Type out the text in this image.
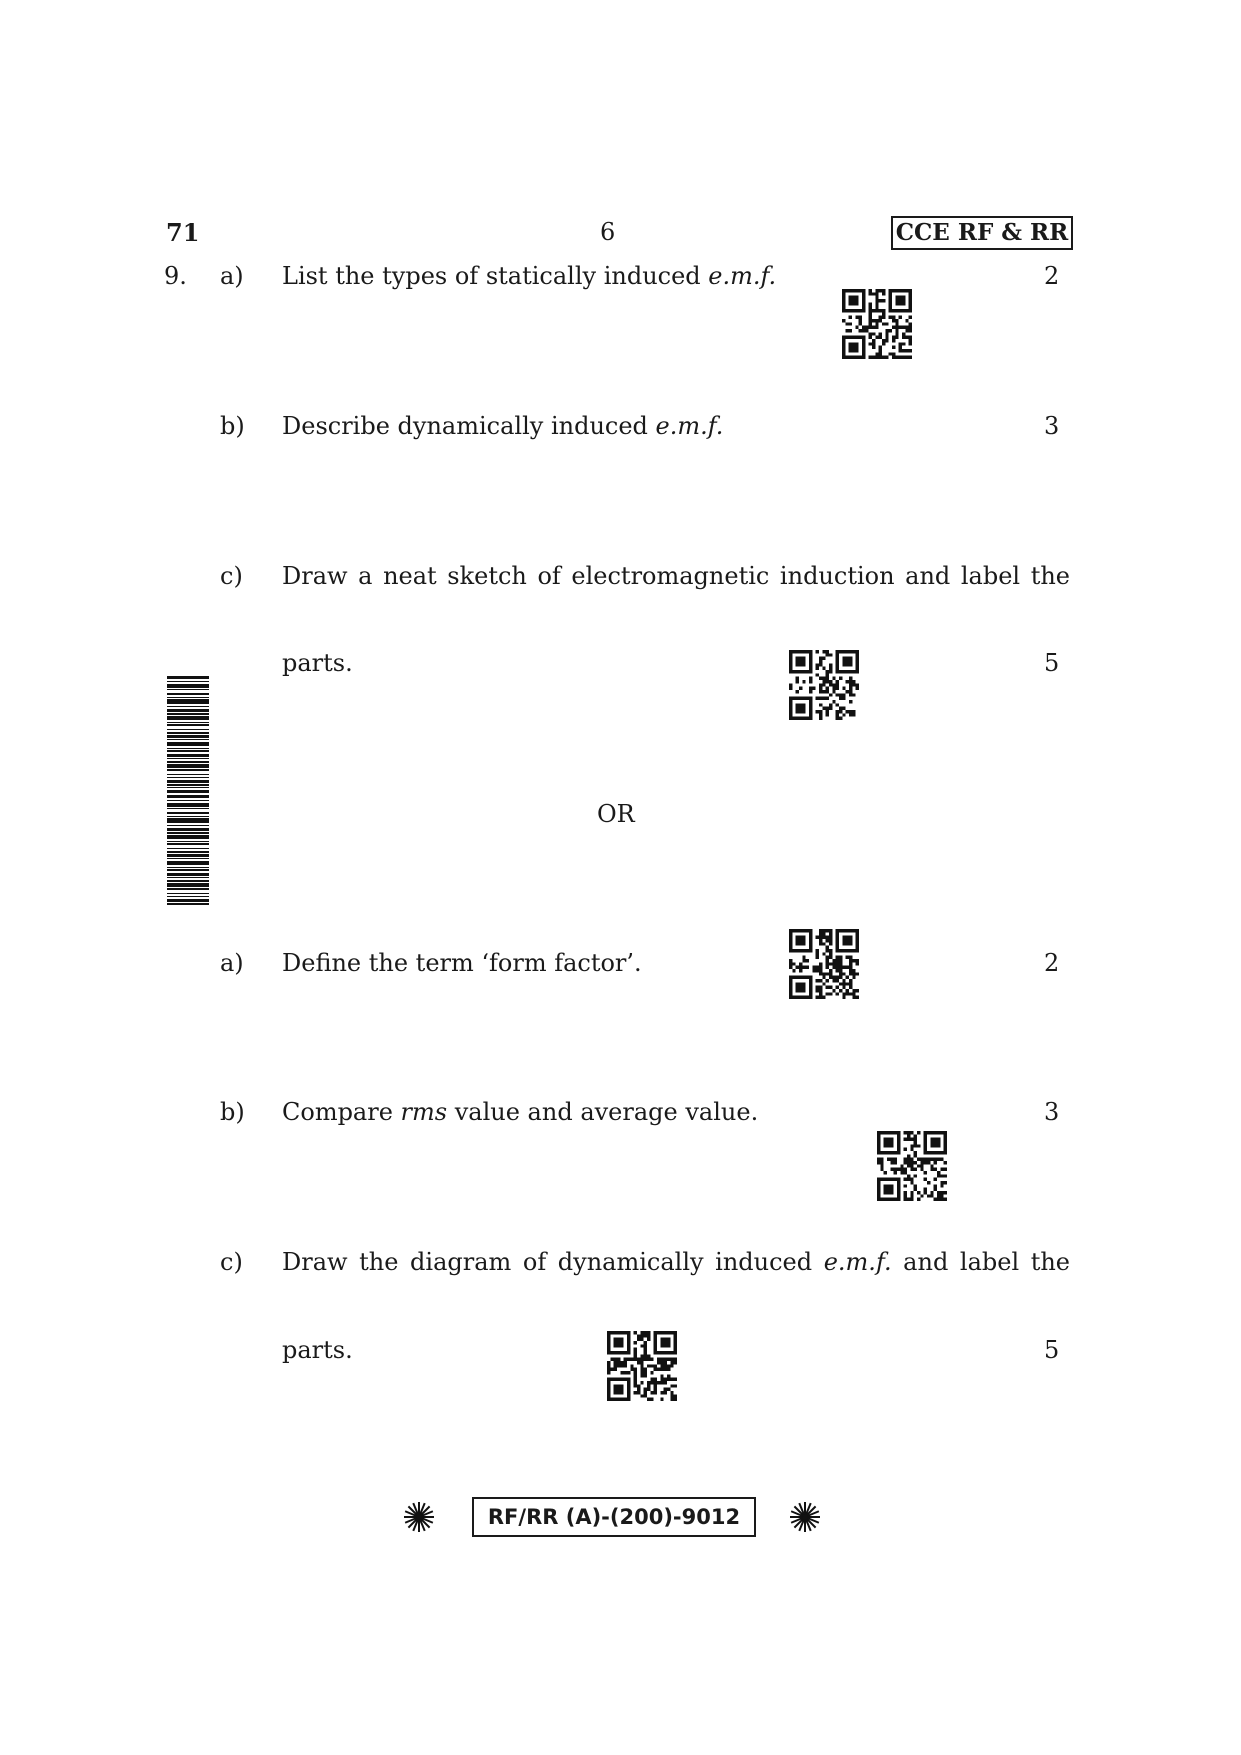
71	6	CCE RF & RR
9. a) List the types of statically induced e.m.f.	2
b) Describe dynamically induced e.m.f.	3
c) Draw a neat sketch of electromagnetic induction and label the
parts.	5
OR
a) Define the term ‘form factor’.	2
b) Compare rms value and average value.	3
c) Draw the diagram of dynamically induced e.m.f. and label the
parts.	5
RF/RR (A)-(200)-9012
